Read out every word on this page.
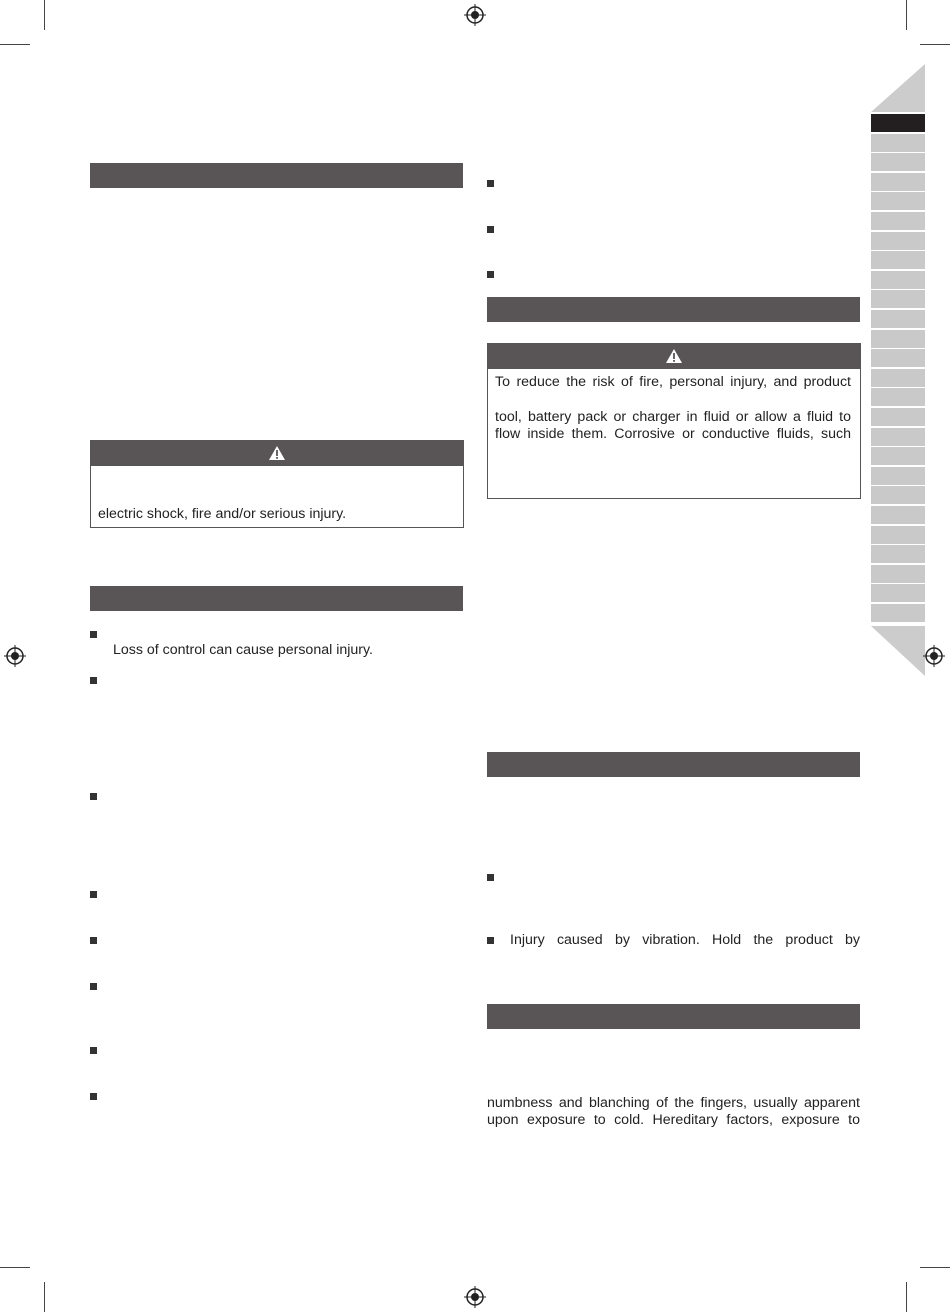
electric shock, fire and/or serious injury.
Loss of control can cause personal injury.
To reduce the risk of fire, personal injury, and product
tool, battery pack or charger in fluid or allow a fluid to
flow inside them. Corrosive or conductive fluids, such
Injury caused by vibration. Hold the product by
numbness and blanching of the fingers, usually apparent
upon exposure to cold. Hereditary factors, exposure to
